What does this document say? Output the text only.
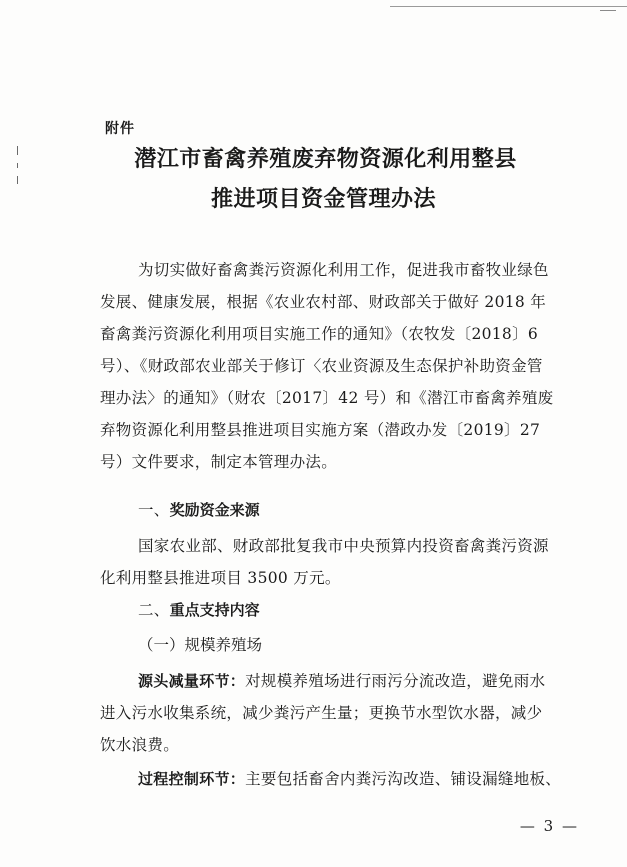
附件
潜江市畜禽养殖废弃物资源化利用整县
推进项目资金管理办法
为切实做好畜禽粪污资源化利用工作，促进我市畜牧业绿色
发展、健康发展，根据《农业农村部、财政部关于做好 2018 年
畜禽粪污资源化利用项目实施工作的通知》（农牧发〔2018〕6
号）、《财政部农业部关于修订〈农业资源及生态保护补助资金管
理办法〉的通知》（财农〔2017〕42 号）和《潜江市畜禽养殖废
弃物资源化利用整县推进项目实施方案（潜政办发〔2019〕27
号）文件要求，制定本管理办法。
一、奖励资金来源
国家农业部、财政部批复我市中央预算内投资畜禽粪污资源
化利用整县推进项目 3500 万元。
二、重点支持内容
（一）规模养殖场
源头减量环节：对规模养殖场进行雨污分流改造，避免雨水
进入污水收集系统，减少粪污产生量；更换节水型饮水器，减少
饮水浪费。
过程控制环节：主要包括畜舍内粪污沟改造、铺设漏缝地板、
— 3 —
